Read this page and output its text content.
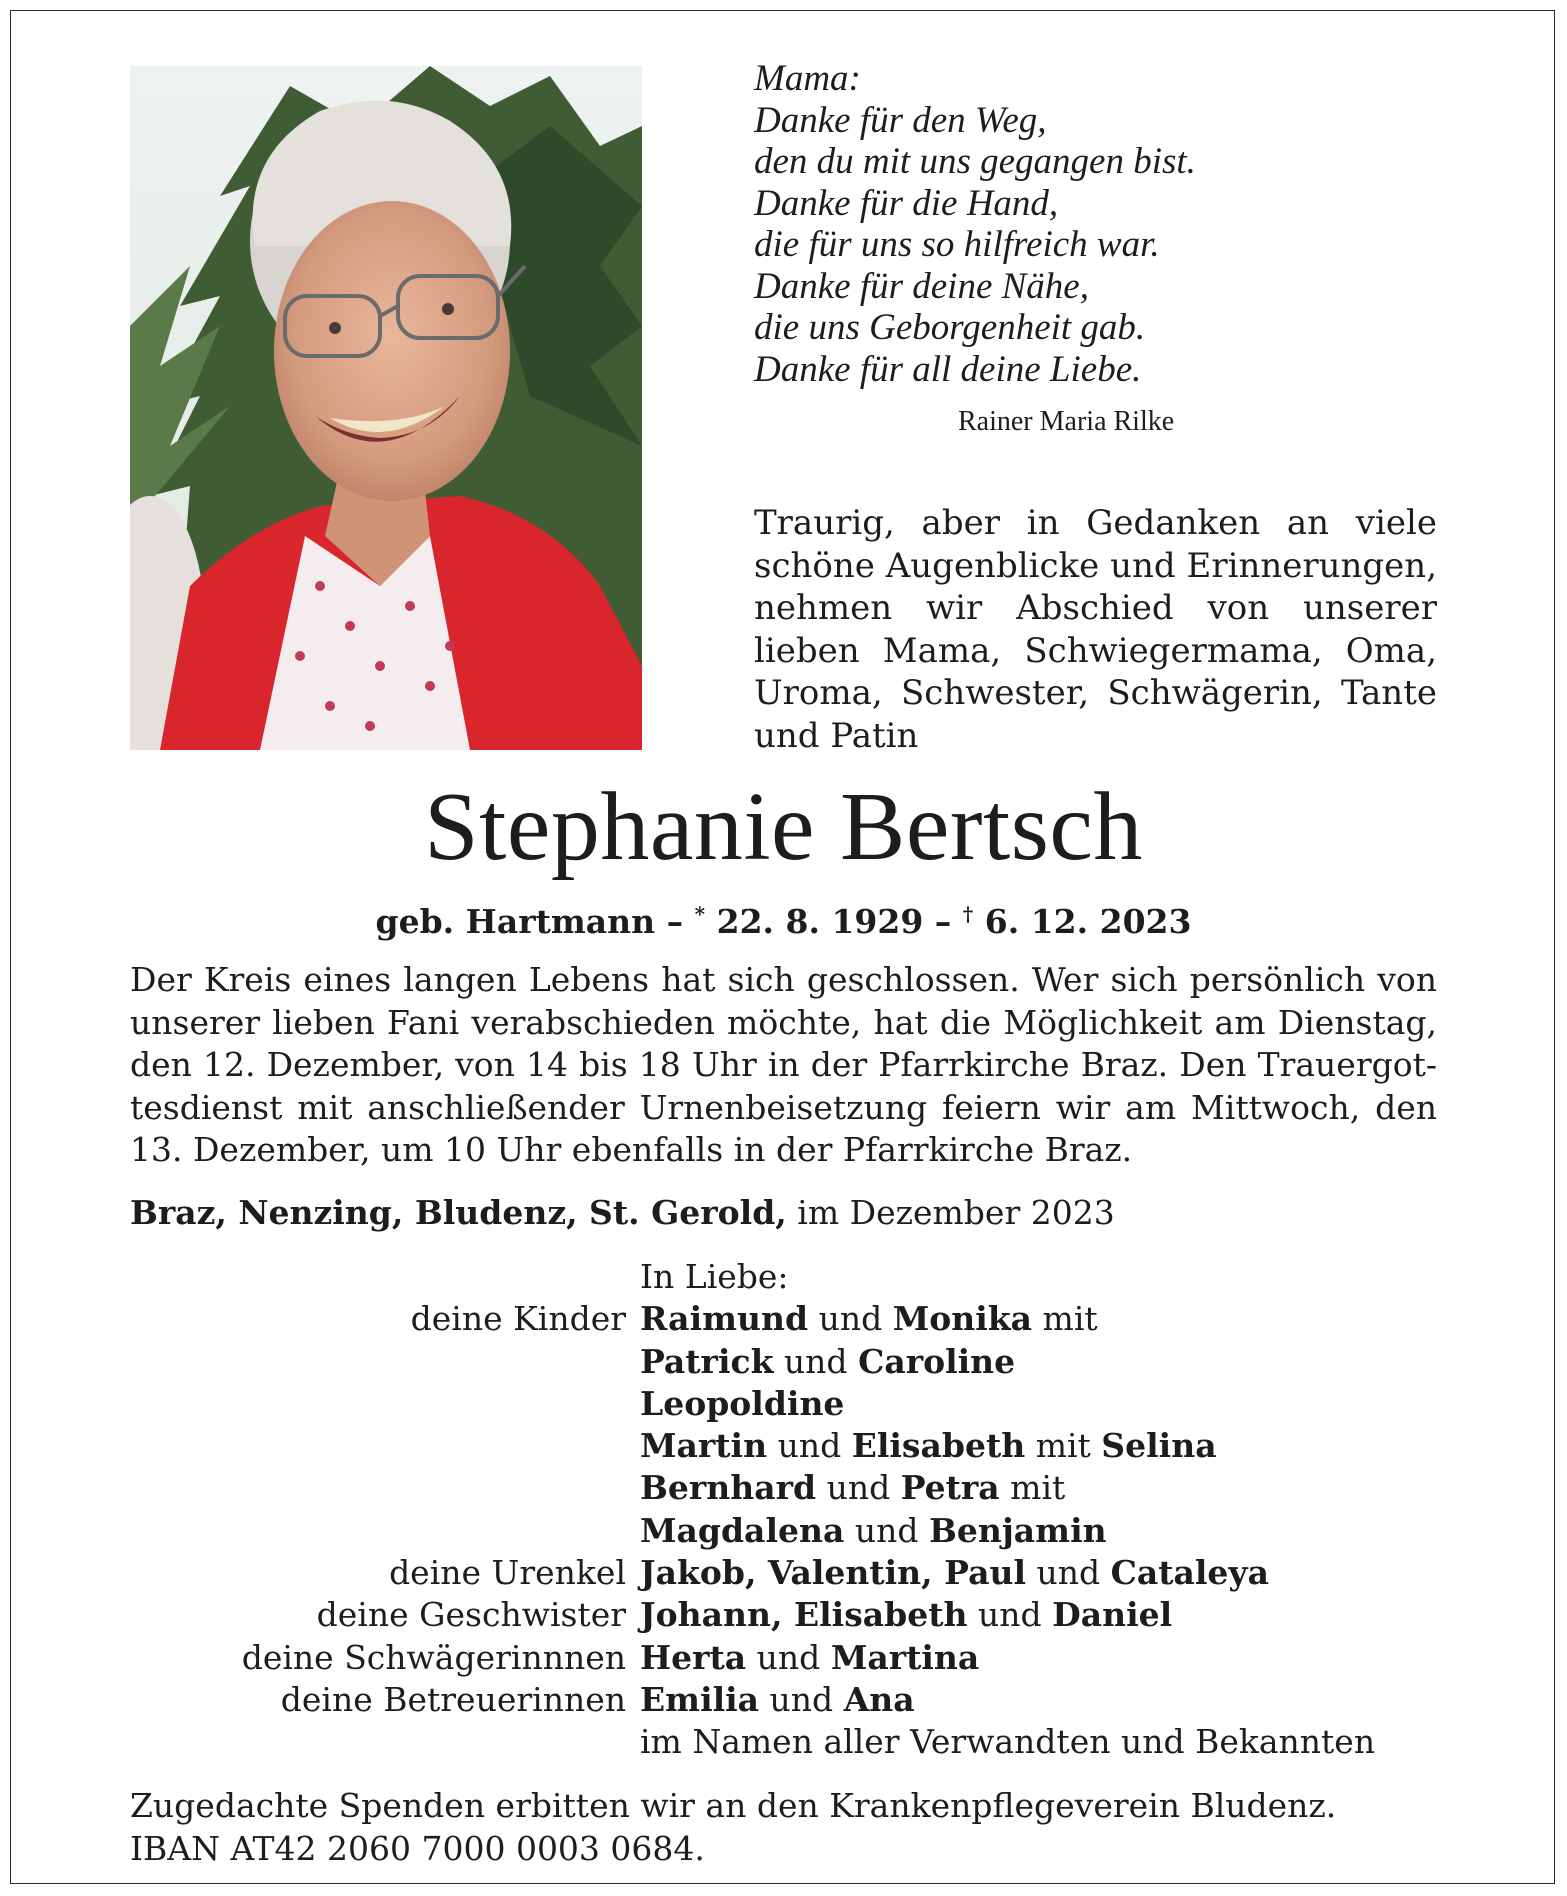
Mama:
Danke für den Weg,
den du mit uns gegangen bist.
Danke für die Hand,
die für uns so hilfreich war.
Danke für deine Nähe,
die uns Geborgenheit gab.
Danke für all deine Liebe.
Rainer Maria Rilke
Traurig, aber in Gedanken an viele schöne Augenblicke und Erinnerungen, nehmen wir Abschied von unserer lieben Mama, Schwiegermama, Oma, Uroma, Schwester, Schwägerin, Tante und Patin
Stephanie Bertsch
geb. Hartmann – * 22. 8. 1929 – † 6. 12. 2023
Der Kreis eines langen Lebens hat sich geschlossen. Wer sich persönlich von unserer lieben Fani verabschieden möchte, hat die Möglichkeit am Dienstag, den 12. Dezember, von 14 bis 18 Uhr in der Pfarrkirche Braz. Den Trauergottesdienst mit anschließender Urnenbeisetzung feiern wir am Mittwoch, den 13. Dezember, um 10 Uhr ebenfalls in der Pfarrkirche Braz.
Braz, Nenzing, Bludenz, St. Gerold, im Dezember 2023
In Liebe:
deine Kinder Raimund und Monika mit
Patrick und Caroline
Leopoldine
Martin und Elisabeth mit Selina
Bernhard und Petra mit
Magdalena und Benjamin
deine Urenkel Jakob, Valentin, Paul und Cataleya
deine Geschwister Johann, Elisabeth und Daniel
deine Schwägerinnnen Herta und Martina
deine Betreuerinnen Emilia und Ana
im Namen aller Verwandten und Bekannten
Zugedachte Spenden erbitten wir an den Krankenpflegeverein Bludenz.
IBAN AT42 2060 7000 0003 0684.
